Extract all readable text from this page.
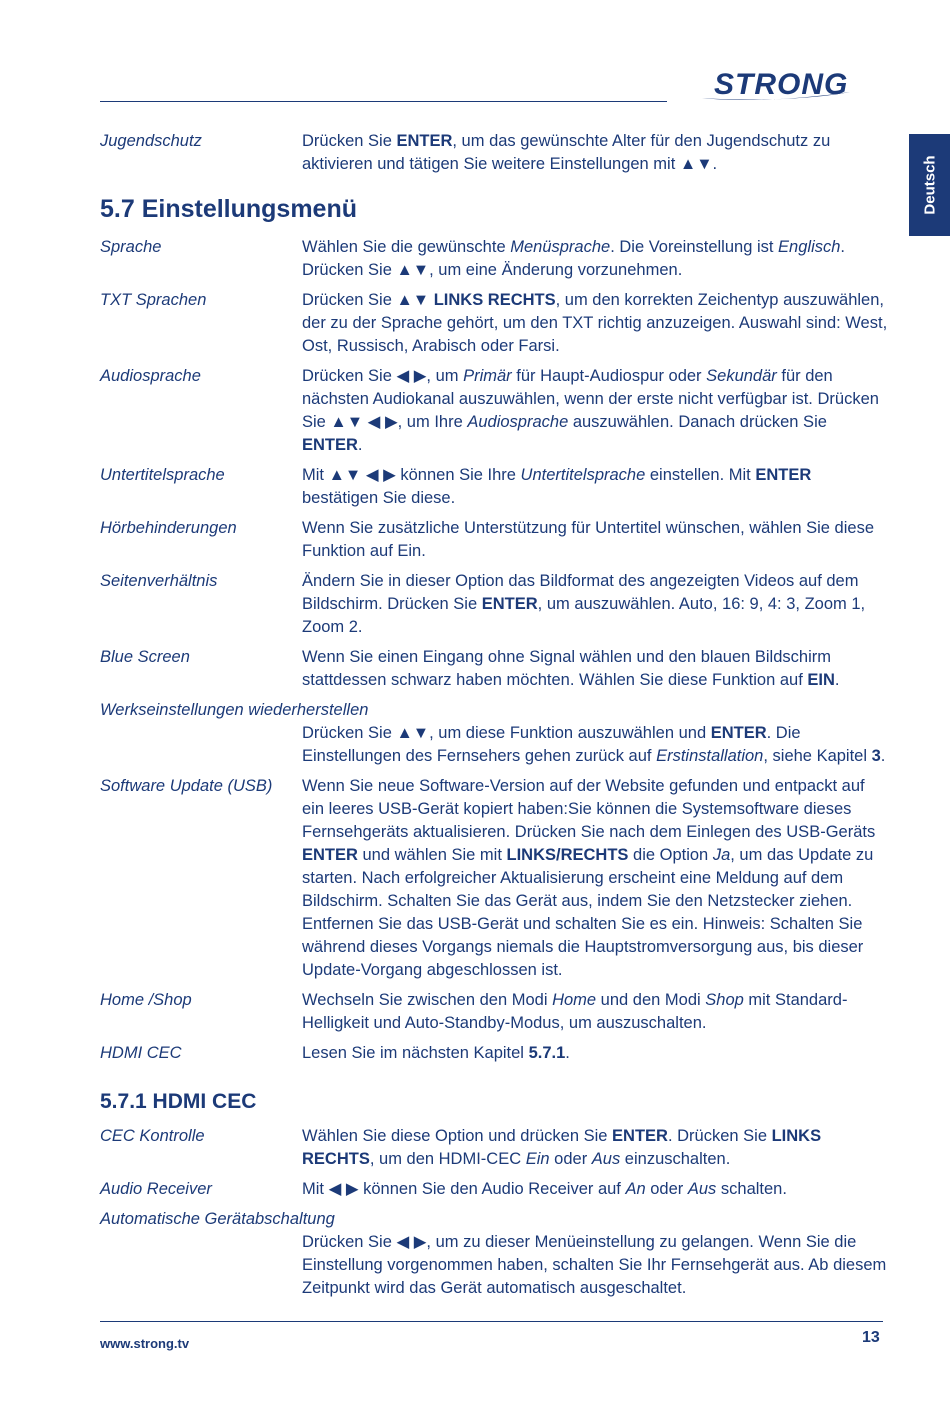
STRONG
Deutsch
Jugendschutz	Drücken Sie ENTER, um das gewünschte Alter für den Jugendschutz zu aktivieren und tätigen Sie weitere Einstellungen mit ▲▼.
5.7 Einstellungsmenü
Sprache	Wählen Sie die gewünschte Menüsprache. Die Voreinstellung ist Englisch. Drücken Sie ▲▼, um eine Änderung vorzunehmen.
TXT Sprachen	Drücken Sie ▲▼ LINKS RECHTS, um den korrekten Zeichentyp auszuwählen, der zu der Sprache gehört, um den TXT richtig anzuzeigen. Auswahl sind: West, Ost, Russisch, Arabisch oder Farsi.
Audiosprache	Drücken Sie ◀ ▶, um Primär für Haupt-Audiospur oder Sekundär für den nächsten Audiokanal auszuwählen, wenn der erste nicht verfügbar ist. Drücken Sie ▲▼ ◀ ▶, um Ihre Audiosprache auszuwählen. Danach drücken Sie ENTER.
Untertitelsprache	Mit ▲▼ ◀ ▶ können Sie Ihre Untertitelsprache einstellen. Mit ENTER bestätigen Sie diese.
Hörbehinderungen	Wenn Sie zusätzliche Unterstützung für Untertitel wünschen, wählen Sie diese Funktion auf Ein.
Seitenverhältnis	Ändern Sie in dieser Option das Bildformat des angezeigten Videos auf dem Bildschirm. Drücken Sie ENTER, um auszuwählen. Auto, 16: 9, 4: 3, Zoom 1, Zoom 2.
Blue Screen	Wenn Sie einen Eingang ohne Signal wählen und den blauen Bildschirm stattdessen schwarz haben möchten. Wählen Sie diese Funktion auf EIN.
Werkseinstellungen wiederherstellen
Drücken Sie ▲▼, um diese Funktion auszuwählen und ENTER. Die Einstellungen des Fernsehers gehen zurück auf Erstinstallation, siehe Kapitel 3.
Software Update (USB)	Wenn Sie neue Software-Version auf der Website gefunden und entpackt auf ein leeres USB-Gerät kopiert haben:Sie können die Systemsoftware dieses Fernsehgeräts aktualisieren. Drücken Sie nach dem Einlegen des USB-Geräts ENTER und wählen Sie mit LINKS/RECHTS die Option Ja, um das Update zu starten. Nach erfolgreicher Aktualisierung erscheint eine Meldung auf dem Bildschirm. Schalten Sie das Gerät aus, indem Sie den Netzstecker ziehen. Entfernen Sie das USB-Gerät und schalten Sie es ein. Hinweis: Schalten Sie während dieses Vorgangs niemals die Hauptstromversorgung aus, bis dieser Update-Vorgang abgeschlossen ist.
Home /Shop	Wechseln Sie zwischen den Modi Home und den Modi Shop mit Standard-Helligkeit und Auto-Standby-Modus, um auszuschalten.
HDMI CEC	Lesen Sie im nächsten Kapitel 5.7.1.
5.7.1 HDMI CEC
CEC Kontrolle	Wählen Sie diese Option und drücken Sie ENTER. Drücken Sie LINKS RECHTS, um den HDMI-CEC Ein oder Aus einzuschalten.
Audio Receiver	Mit ◀ ▶ können Sie den Audio Receiver auf An oder Aus schalten.
Automatische Gerätabschaltung
Drücken Sie ◀ ▶, um zu dieser Menüeinstellung zu gelangen. Wenn Sie die Einstellung vorgenommen haben, schalten Sie Ihr Fernsehgerät aus. Ab diesem Zeitpunkt wird das Gerät automatisch ausgeschaltet.
www.strong.tv	13
